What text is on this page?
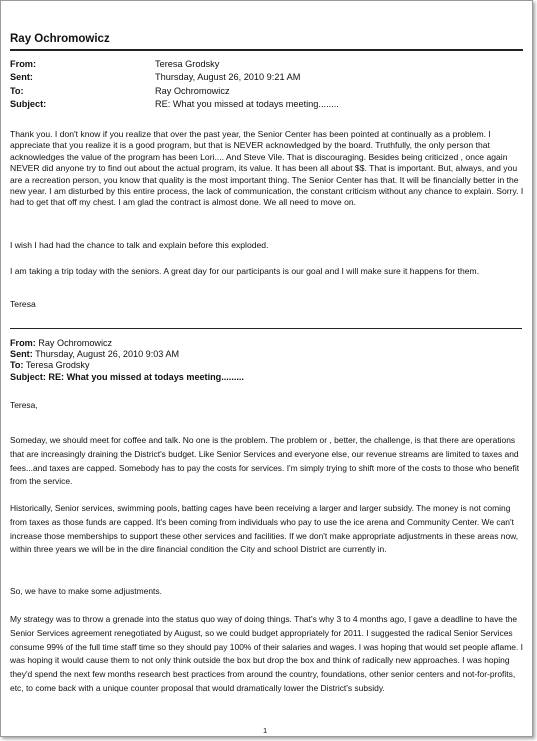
Ray Ochromowicz
From:	Teresa Grodsky
Sent:	Thursday, August 26, 2010 9:21 AM
To:	Ray Ochromowicz
Subject:	RE: What you missed at todays meeting........
Thank you. I don't know if you realize that over the past year, the Senior Center has been pointed at continually as a problem. I appreciate that you realize it is a good program, but that is NEVER acknowledged by the board. Truthfully, the only person that acknowledges the value of the program has been Lori.... And Steve Vile. That is discouraging. Besides being criticized , once again NEVER did anyone try to find out about the actual program, its value. It has been all about $$. That is important. But, always, and you are a recreation person, you know that quality is the most important thing. The Senior Center has that. It will be financially better in the new year. I am disturbed by this entire process, the lack of communication, the constant criticism without any chance to explain. Sorry. I had to get that off my chest. I am glad the contract is almost done. We all need to move on.
I wish I had had the chance to talk and explain before this exploded.
I am taking a trip today with the seniors. A great day for our participants is our goal and I will make sure it happens for them.
Teresa
From: Ray Ochromowicz
Sent: Thursday, August 26, 2010 9:03 AM
To: Teresa Grodsky
Subject: RE: What you missed at todays meeting.........
Teresa,
Someday, we should meet for coffee and talk. No one is the problem. The problem or , better, the challenge, is that there are operations that are increasingly draining the District's budget. Like Senior Services and everyone else, our revenue streams are limited to taxes and fees...and taxes are capped. Somebody has to pay the costs for services. I'm simply trying to shift more of the costs to those who benefit from the service.
Historically, Senior services, swimming pools, batting cages have been receiving a larger and larger subsidy. The money is not coming from taxes as those funds are capped. It's been coming from individuals who pay to use the ice arena and Community Center. We can't increase those memberships to support these other services and facilities. If we don't make appropriate adjustments in these areas now, within three years we will be in the dire financial condition the City and school District are currently in.
So, we have to make some adjustments.
My strategy was to throw a grenade into the status quo way of doing things. That's why 3 to 4 months ago, I gave a deadline to have the Senior Services agreement renegotiated by August, so we could budget appropriately for 2011. I suggested the radical Senior Services consume 99% of the full time staff time so they should pay 100% of their salaries and wages. I was hoping that would set people aflame. I was hoping it would cause them to not only think outside the box but drop the box and think of radically new approaches. I was hoping they'd spend the next few months research best practices from around the country, foundations, other senior centers and not-for-profits, etc, to come back with a unique counter proposal that would dramatically lower the District's subsidy.
1
